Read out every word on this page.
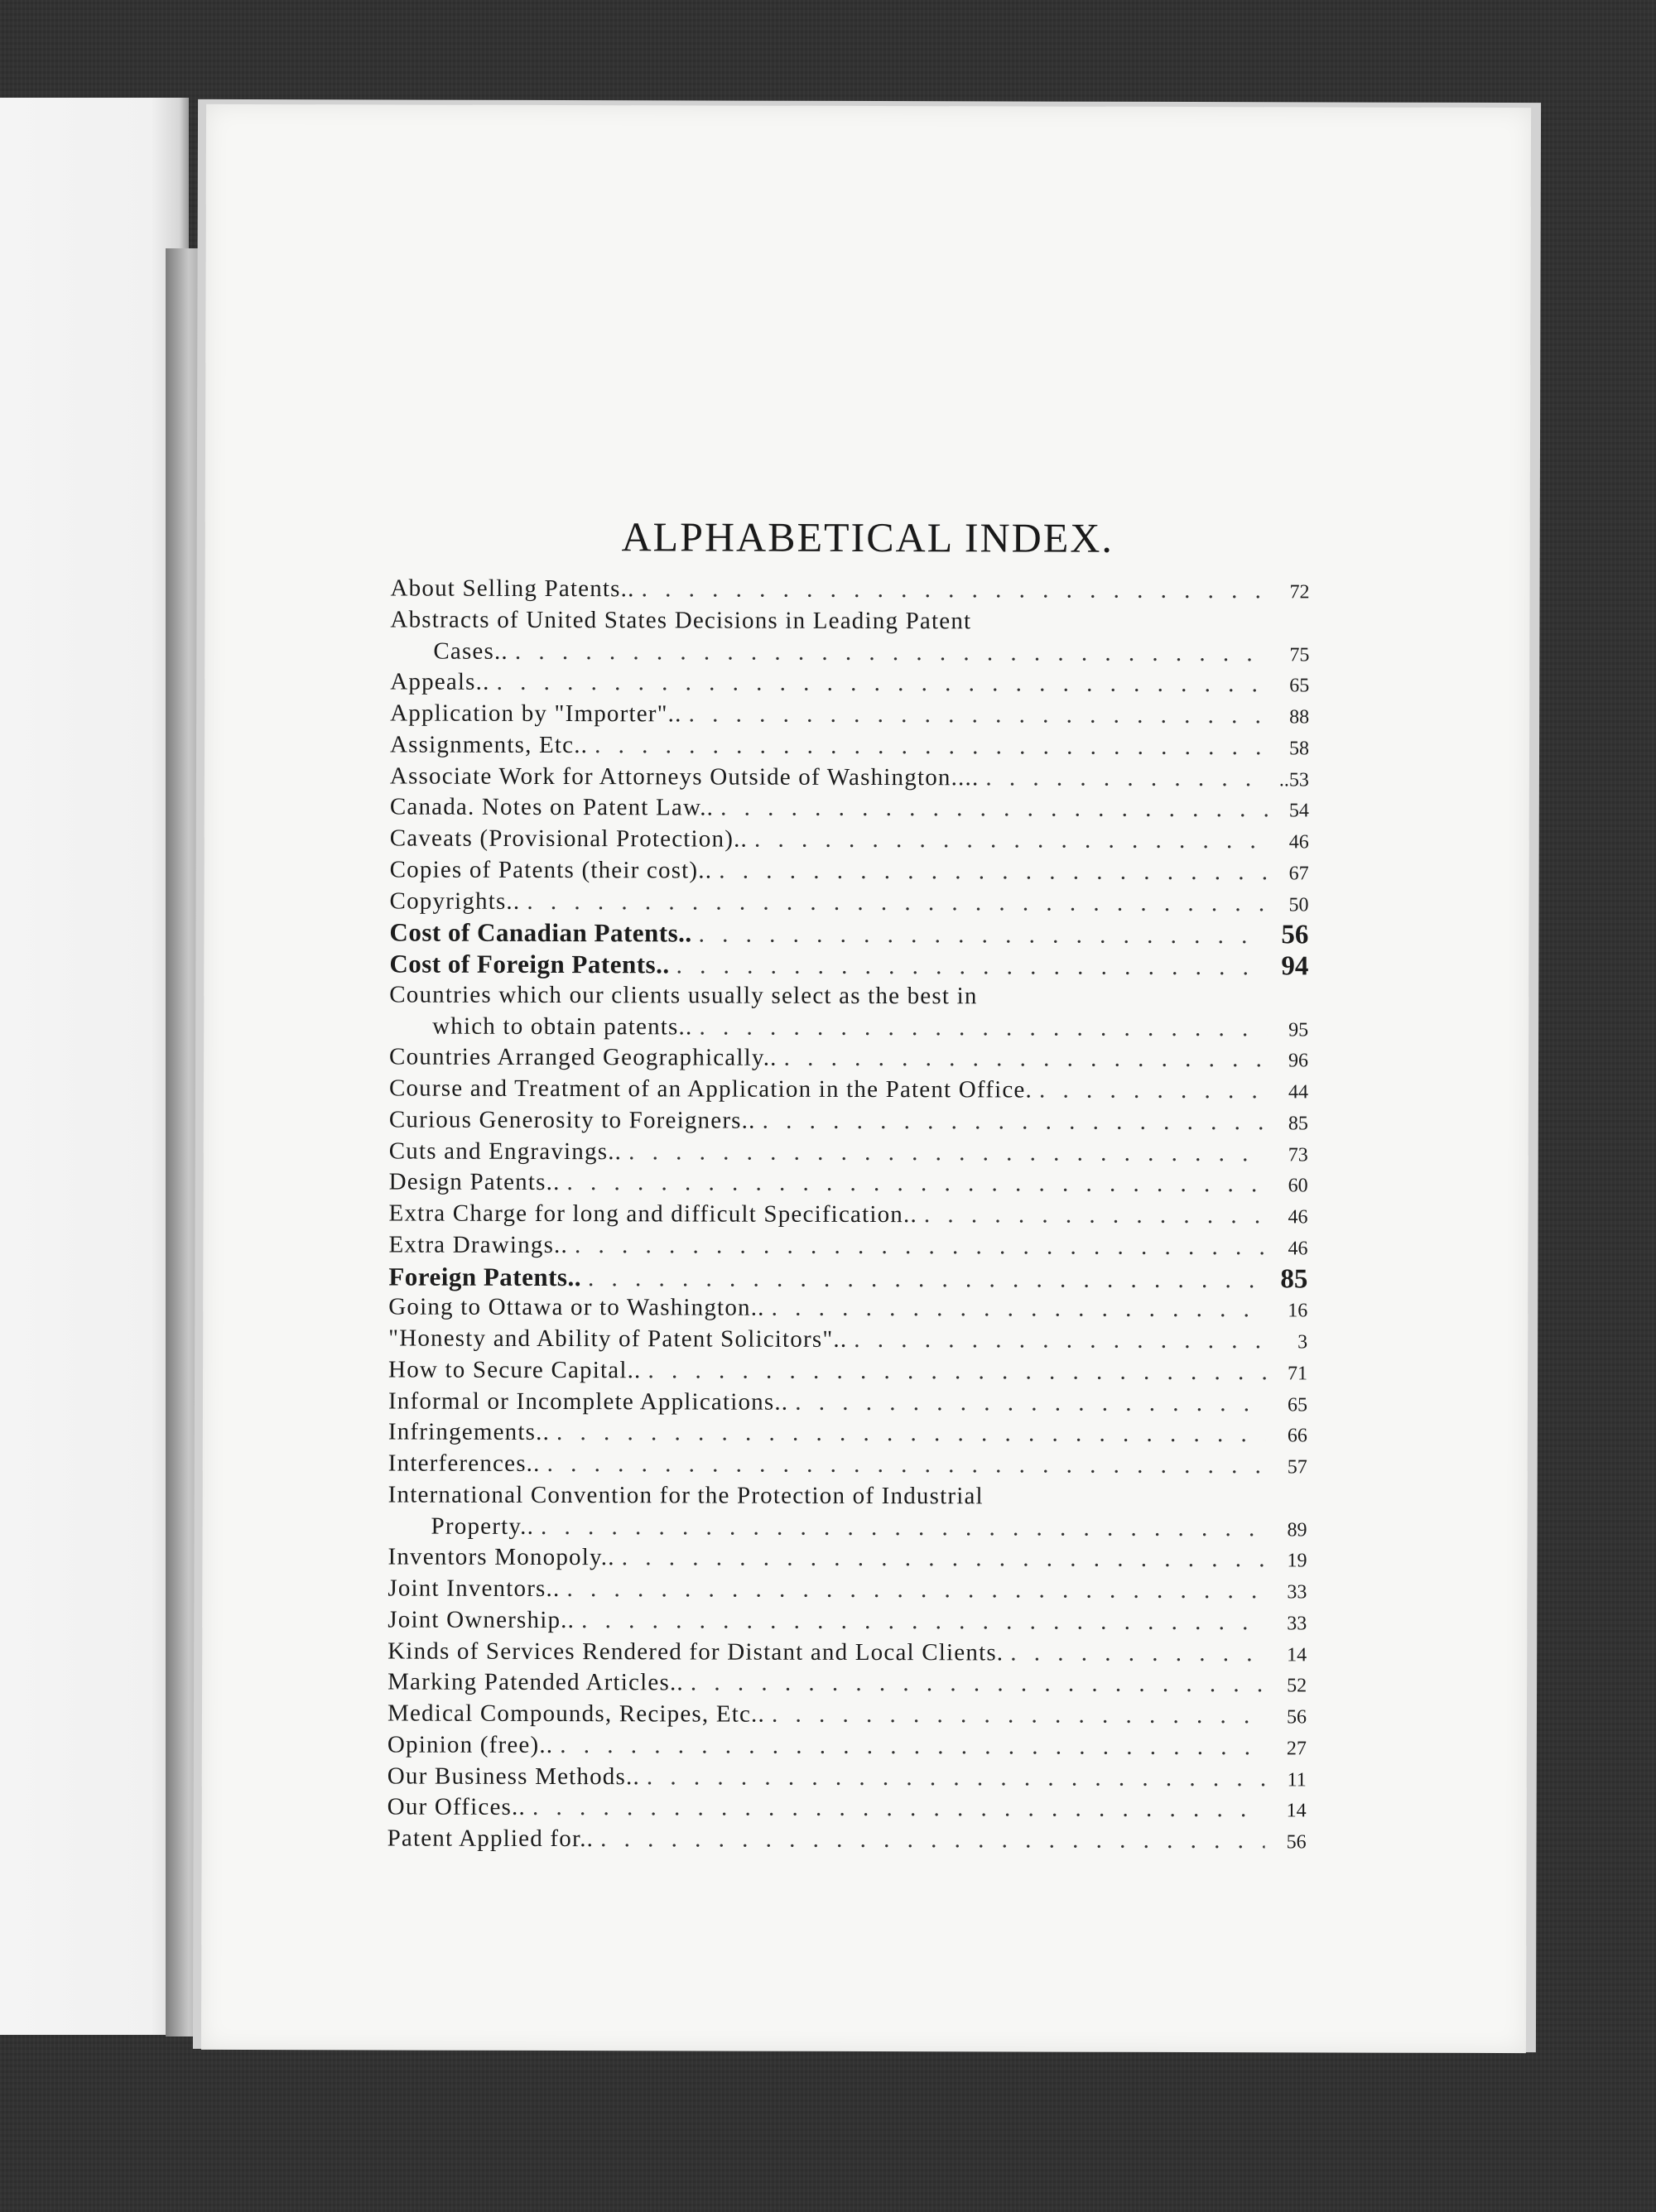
ALPHABETICAL INDEX.
About Selling Patents.. . . .	72
Abstracts of United States Decisions in Leading Patent
Cases.. . . .	75
Appeals.. . . .	65
Application by "Importer".. . . .	88
Assignments, Etc.. . . .	58
Associate Work for Attorneys Outside of Washington.... . . .	..53
Canada. Notes on Patent Law.. . . .	54
Caveats (Provisional Protection).. . . .	46
Copies of Patents (their cost).. . . .	67
Copyrights.. . . .	50
Cost of Canadian Patents.. . . .	56
Cost of Foreign Patents.. . . .	94
Countries which our clients usually select as the best in
which to obtain patents.. . . .	95
Countries Arranged Geographically.. . . .	96
Course and Treatment of an Application in the Patent Office. . . .	44
Curious Generosity to Foreigners.. . . .	85
Cuts and Engravings.. . . .	73
Design Patents.. . . .	60
Extra Charge for long and difficult Specification.. . . .	46
Extra Drawings.. . . .	46
Foreign Patents.. . . .	85
Going to Ottawa or to Washington.. . . .	16
"Honesty and Ability of Patent Solicitors".. . . .	3
How to Secure Capital.. . . .	71
Informal or Incomplete Applications.. . . .	65
Infringements.. . . .	66
Interferences.. . . .	57
International Convention for the Protection of Industrial
Property.. . . .	89
Inventors Monopoly.. . . .	19
Joint Inventors.. . . .	33
Joint Ownership.. . . .	33
Kinds of Services Rendered for Distant and Local Clients. . . .	14
Marking Patended Articles.. . . .	52
Medical Compounds, Recipes, Etc.. . . .	56
Opinion (free).. . . .	27
Our Business Methods.. . . .	11
Our Offices.. . . .	14
Patent Applied for.. . . .	56
